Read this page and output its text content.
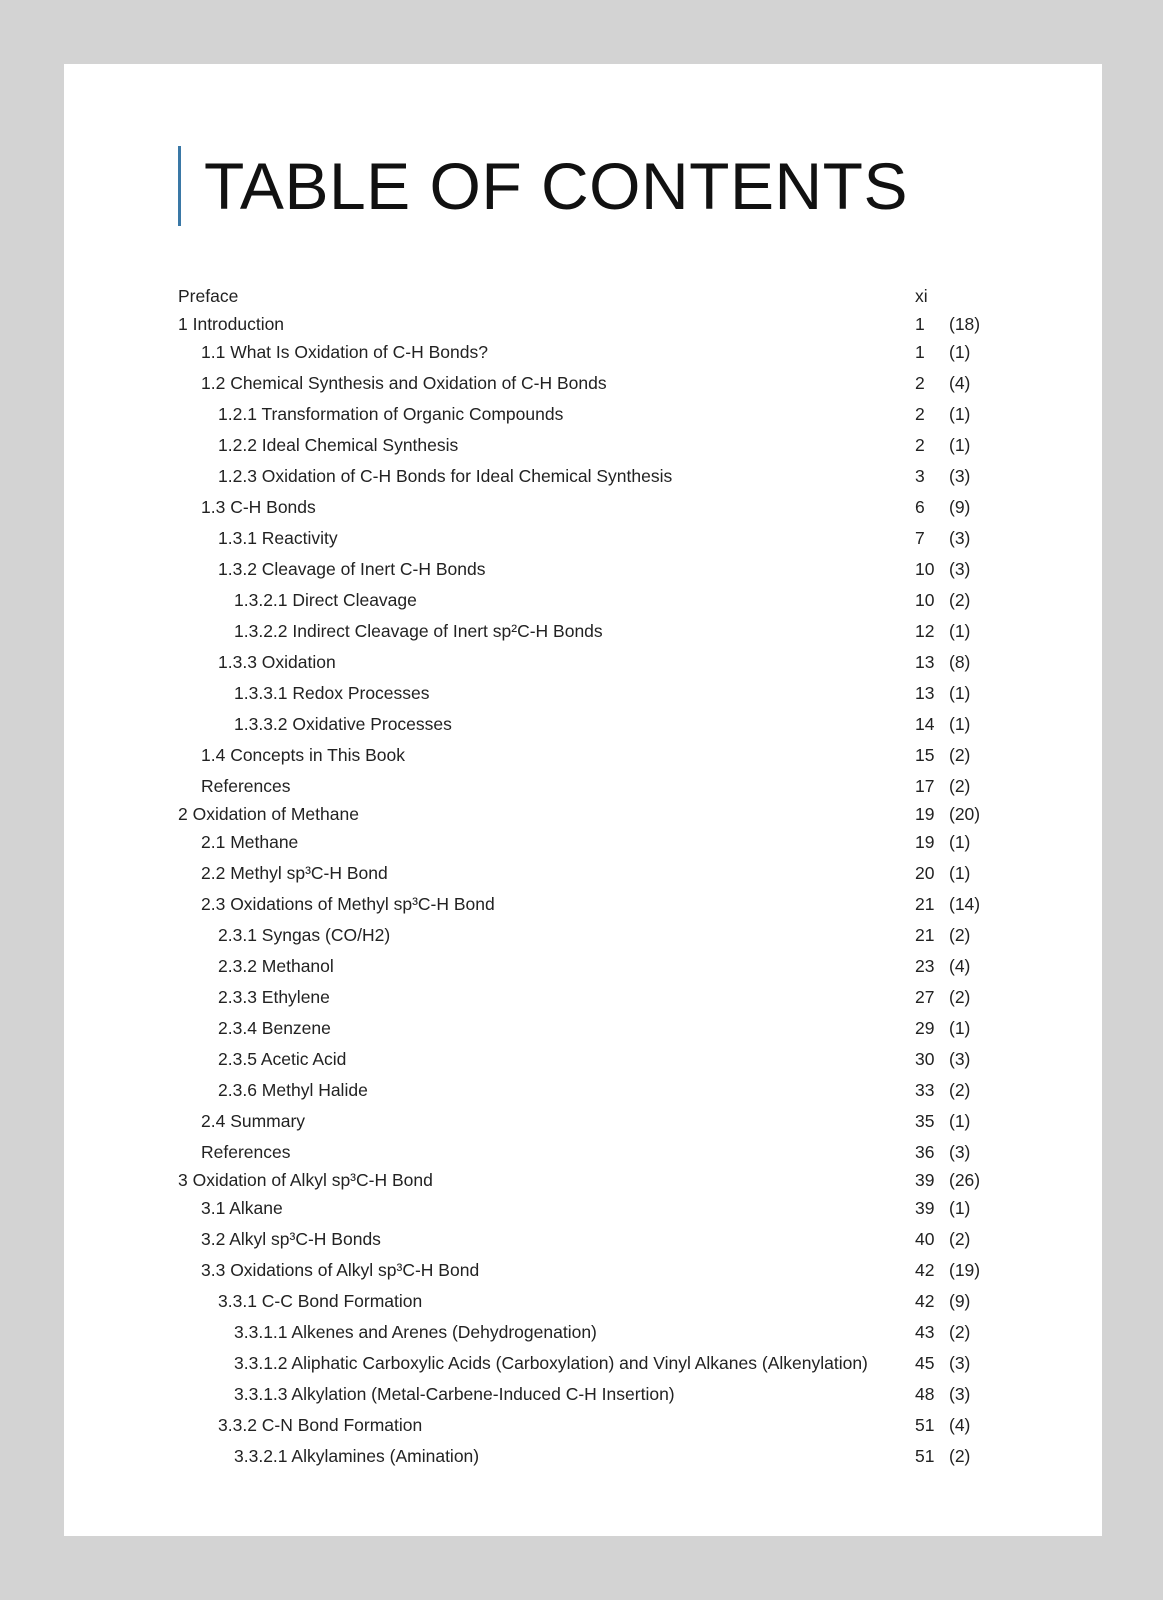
TABLE OF CONTENTS
Preface	xi
1 Introduction	1 (18)
1.1 What Is Oxidation of C-H Bonds?	1 (1)
1.2 Chemical Synthesis and Oxidation of C-H Bonds	2 (4)
1.2.1 Transformation of Organic Compounds	2 (1)
1.2.2 Ideal Chemical Synthesis	2 (1)
1.2.3 Oxidation of C-H Bonds for Ideal Chemical Synthesis	3 (3)
1.3 C-H Bonds	6 (9)
1.3.1 Reactivity	7 (3)
1.3.2 Cleavage of Inert C-H Bonds	10 (3)
1.3.2.1 Direct Cleavage	10 (2)
1.3.2.2 Indirect Cleavage of Inert sp²C-H Bonds	12 (1)
1.3.3 Oxidation	13 (8)
1.3.3.1 Redox Processes	13 (1)
1.3.3.2 Oxidative Processes	14 (1)
1.4 Concepts in This Book	15 (2)
References	17 (2)
2 Oxidation of Methane	19 (20)
2.1 Methane	19 (1)
2.2 Methyl sp³C-H Bond	20 (1)
2.3 Oxidations of Methyl sp³C-H Bond	21 (14)
2.3.1 Syngas (CO/H2)	21 (2)
2.3.2 Methanol	23 (4)
2.3.3 Ethylene	27 (2)
2.3.4 Benzene	29 (1)
2.3.5 Acetic Acid	30 (3)
2.3.6 Methyl Halide	33 (2)
2.4 Summary	35 (1)
References	36 (3)
3 Oxidation of Alkyl sp³C-H Bond	39 (26)
3.1 Alkane	39 (1)
3.2 Alkyl sp³C-H Bonds	40 (2)
3.3 Oxidations of Alkyl sp³C-H Bond	42 (19)
3.3.1 C-C Bond Formation	42 (9)
3.3.1.1 Alkenes and Arenes (Dehydrogenation)	43 (2)
3.3.1.2 Aliphatic Carboxylic Acids (Carboxylation) and Vinyl Alkanes (Alkenylation)	45 (3)
3.3.1.3 Alkylation (Metal-Carbene-Induced C-H Insertion)	48 (3)
3.3.2 C-N Bond Formation	51 (4)
3.3.2.1 Alkylamines (Amination)	51 (2)
